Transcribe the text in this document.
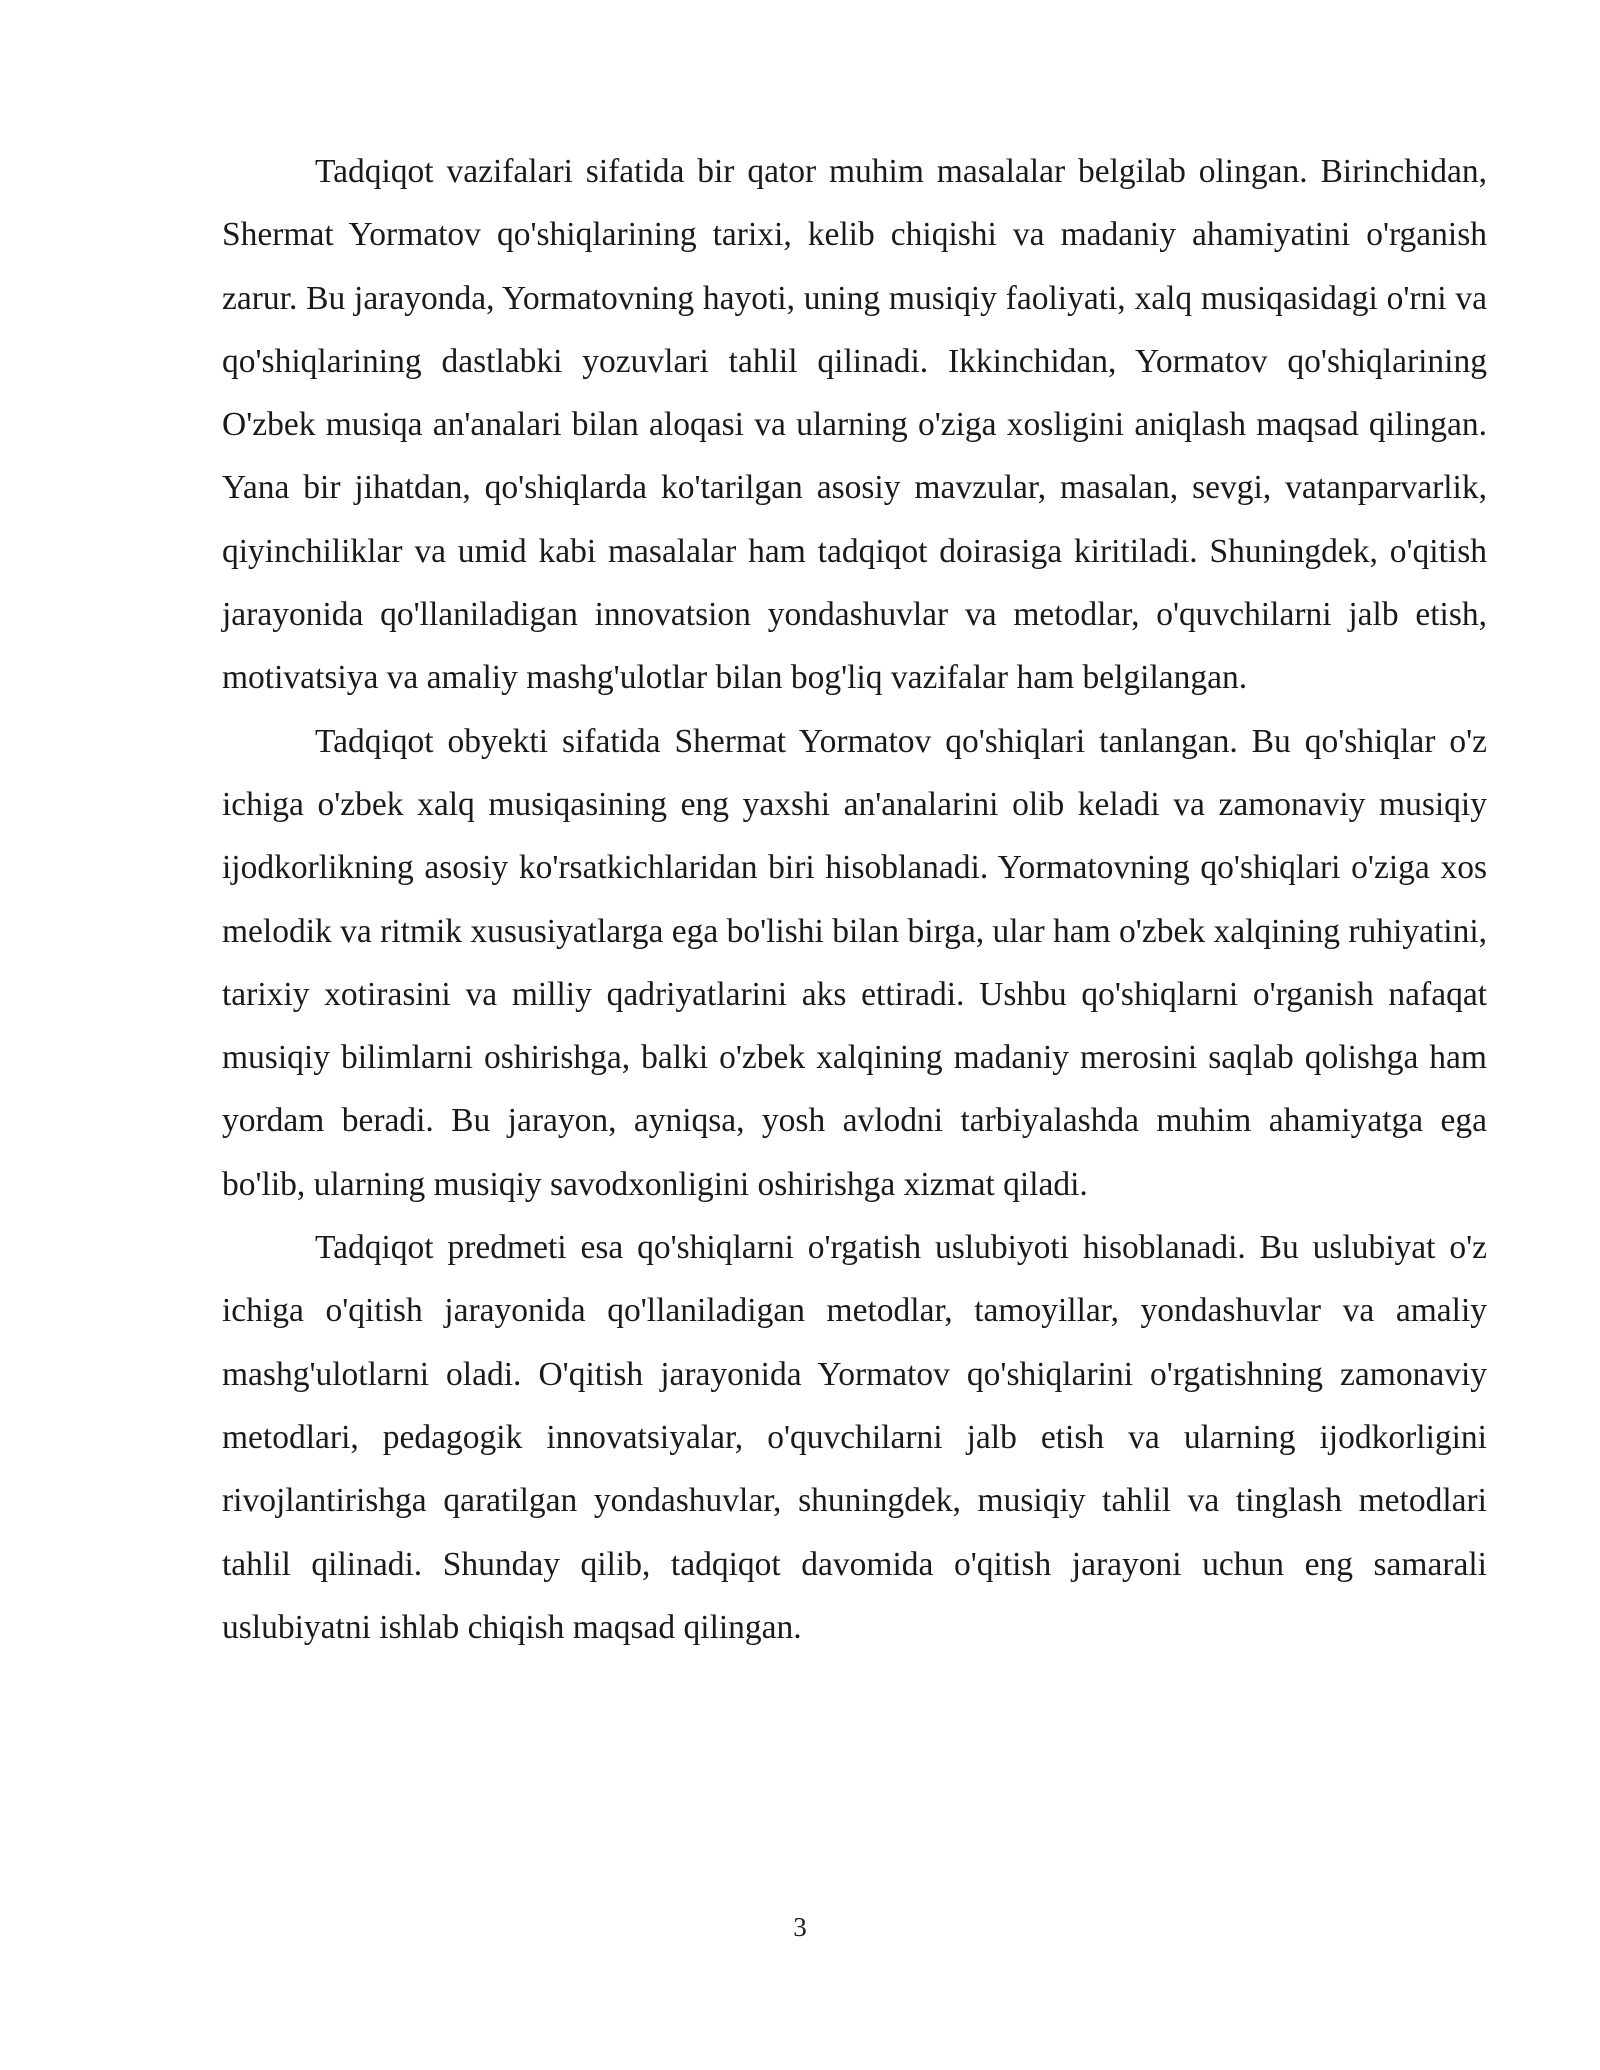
Tadqiqot vazifalari sifatida bir qator muhim masalalar belgilab olingan. Birinchidan, Shermat Yormatov qo'shiqlarining tarixi, kelib chiqishi va madaniy ahamiyatini o'rganish zarur. Bu jarayonda, Yormatovning hayoti, uning musiqiy faoliyati, xalq musiqasidagi o'rni va qo'shiqlarining dastlabki yozuvlari tahlil qilinadi. Ikkinchidan, Yormatov qo'shiqlarining O'zbek musiqa an'analari bilan aloqasi va ularning o'ziga xosligini aniqlash maqsad qilingan. Yana bir jihatdan, qo'shiqlarda ko'tarilgan asosiy mavzular, masalan, sevgi, vatanparvarlik, qiyinchiliklar va umid kabi masalalar ham tadqiqot doirasiga kiritiladi. Shuningdek, o'qitish jarayonida qo'llaniladigan innovatsion yondashuvlar va metodlar, o'quvchilarni jalb etish, motivatsiya va amaliy mashg'ulotlar bilan bog'liq vazifalar ham belgilangan.

Tadqiqot obyekti sifatida Shermat Yormatov qo'shiqlari tanlangan. Bu qo'shiqlar o'z ichiga o'zbek xalq musiqasining eng yaxshi an'analarini olib keladi va zamonaviy musiqiy ijodkorlikning asosiy ko'rsatkichlaridan biri hisoblanadi. Yormatovning qo'shiqlari o'ziga xos melodik va ritmik xususiyatlarga ega bo'lishi bilan birga, ular ham o'zbek xalqining ruhiyatini, tarixiy xotirasini va milliy qadriyatlarini aks ettiradi. Ushbu qo'shiqlarni o'rganish nafaqat musiqiy bilimlarni oshirishga, balki o'zbek xalqining madaniy merosini saqlab qolishga ham yordam beradi. Bu jarayon, ayniqsa, yosh avlodni tarbiyalashda muhim ahamiyatga ega bo'lib, ularning musiqiy savodxonligini oshirishga xizmat qiladi.

Tadqiqot predmeti esa qo'shiqlarni o'rgatish uslubiyoti hisoblanadi. Bu uslubiyat o'z ichiga o'qitish jarayonida qo'llaniladigan metodlar, tamoyillar, yondashuvlar va amaliy mashg'ulotlarni oladi. O'qitish jarayonida Yormatov qo'shiqlarini o'rgatishning zamonaviy metodlari, pedagogik innovatsiyalar, o'quvchilarni jalb etish va ularning ijodkorligini rivojlantirishga qaratilgan yondashuvlar, shuningdek, musiqiy tahlil va tinglash metodlari tahlil qilinadi. Shunday qilib, tadqiqot davomida o'qitish jarayoni uchun eng samarali uslubiyatni ishlab chiqish maqsad qilingan.

3
